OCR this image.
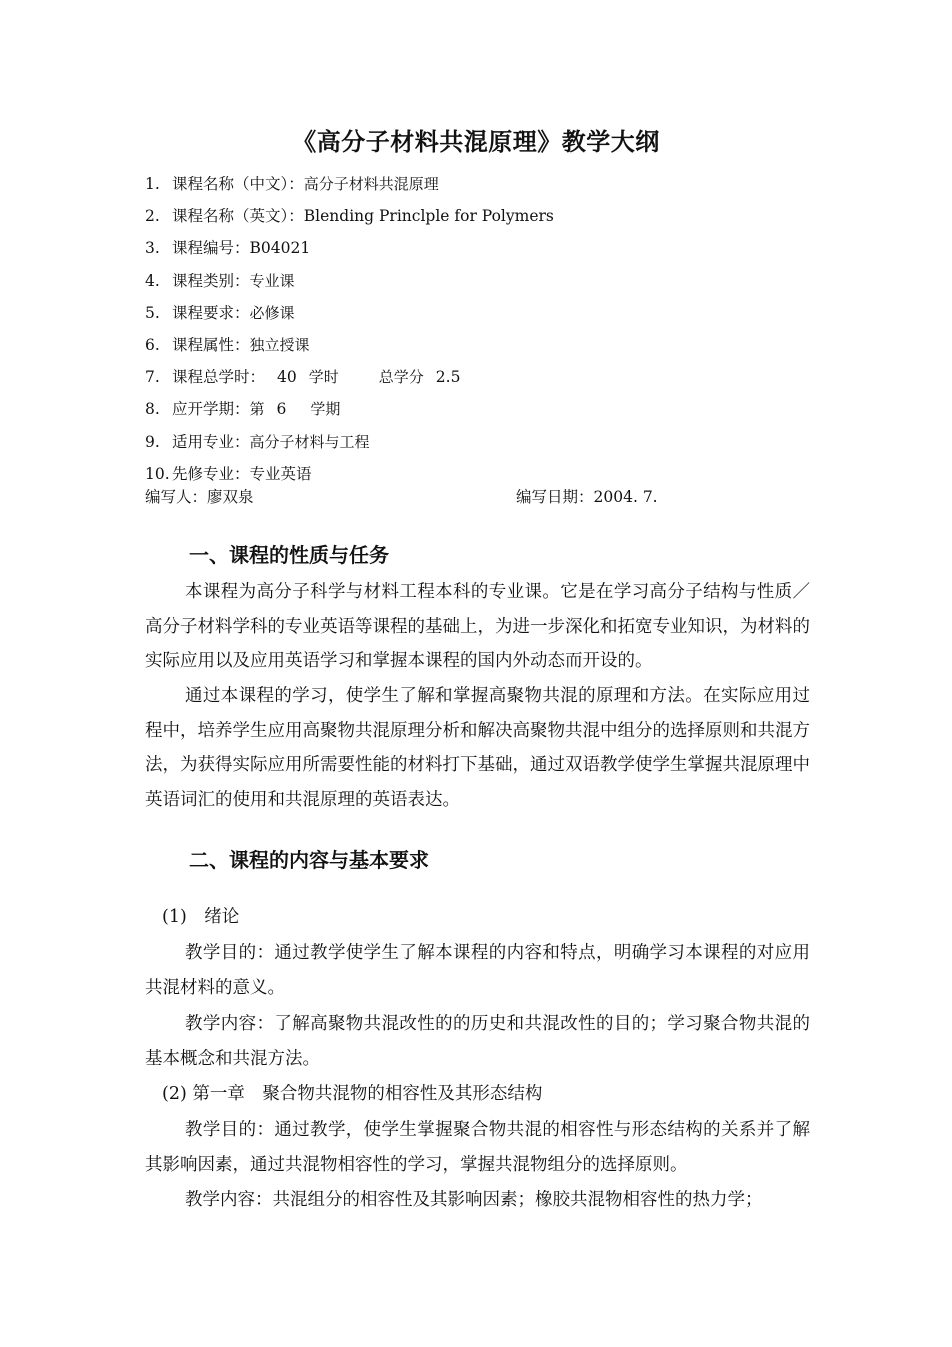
《高分子材料共混原理》教学大纲
1. 课程名称（中文）：高分子材料共混原理
2. 课程名称（英文）：Blending Princlple for Polymers
3. 课程编号：B04021
4. 课程类别：专业课
5. 课程要求：必修课
6. 课程属性：独立授课
7. 课程总学时： 40 学时	总学分 2.5
8. 应开学期：第 6 学期
9. 适用专业：高分子材料与工程
10. 先修专业：专业英语
编写人：廖双泉	编写日期：2004. 7.
一、课程的性质与任务
本课程为高分子科学与材料工程本科的专业课。它是在学习高分子结构与性质／高分子材料学科的专业英语等课程的基础上，为进一步深化和拓宽专业知识，为材料的实际应用以及应用英语学习和掌握本课程的国内外动态而开设的。
通过本课程的学习，使学生了解和掌握高聚物共混的原理和方法。在实际应用过程中，培养学生应用高聚物共混原理分析和解决高聚物共混中组分的选择原则和共混方法，为获得实际应用所需要性能的材料打下基础，通过双语教学使学生掌握共混原理中英语词汇的使用和共混原理的英语表达。
二、课程的内容与基本要求
(1)　绪论
教学目的：通过教学使学生了解本课程的内容和特点，明确学习本课程的对应用共混材料的意义。
教学内容：了解高聚物共混改性的的历史和共混改性的目的；学习聚合物共混的基本概念和共混方法。
(2) 第一章　聚合物共混物的相容性及其形态结构
教学目的：通过教学，使学生掌握聚合物共混的相容性与形态结构的关系并了解其影响因素，通过共混物相容性的学习，掌握共混物组分的选择原则。
教学内容：共混组分的相容性及其影响因素；橡胶共混物相容性的热力学；
